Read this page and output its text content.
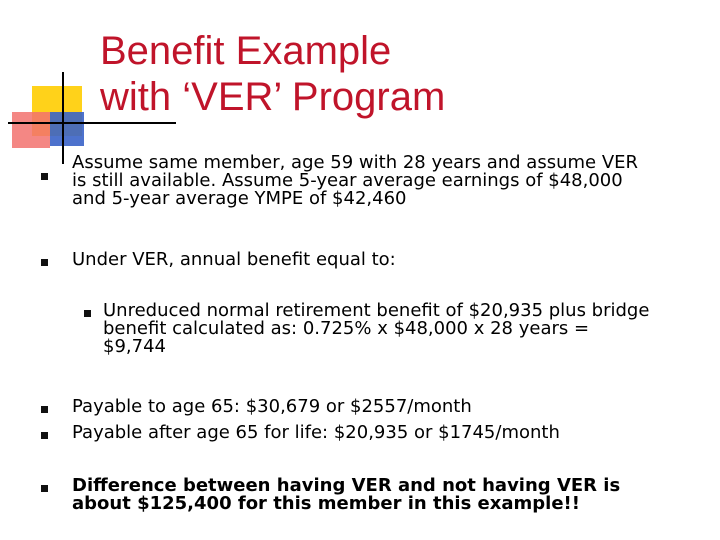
Benefit Example
with ‘VER’ Program
Assume same member, age 59 with 28 years and assume VER
is still available. Assume 5-year average earnings of $48,000
and 5-year average YMPE of $42,460
Under VER, annual benefit equal to:
Unreduced normal retirement benefit of $20,935 plus bridge
benefit calculated as: 0.725% x $48,000 x 28 years =
$9,744
Payable to age 65: $30,679 or $2557/month
Payable after age 65 for life: $20,935 or $1745/month
Difference between having VER and not having VER is
about $125,400 for this member in this example!!
